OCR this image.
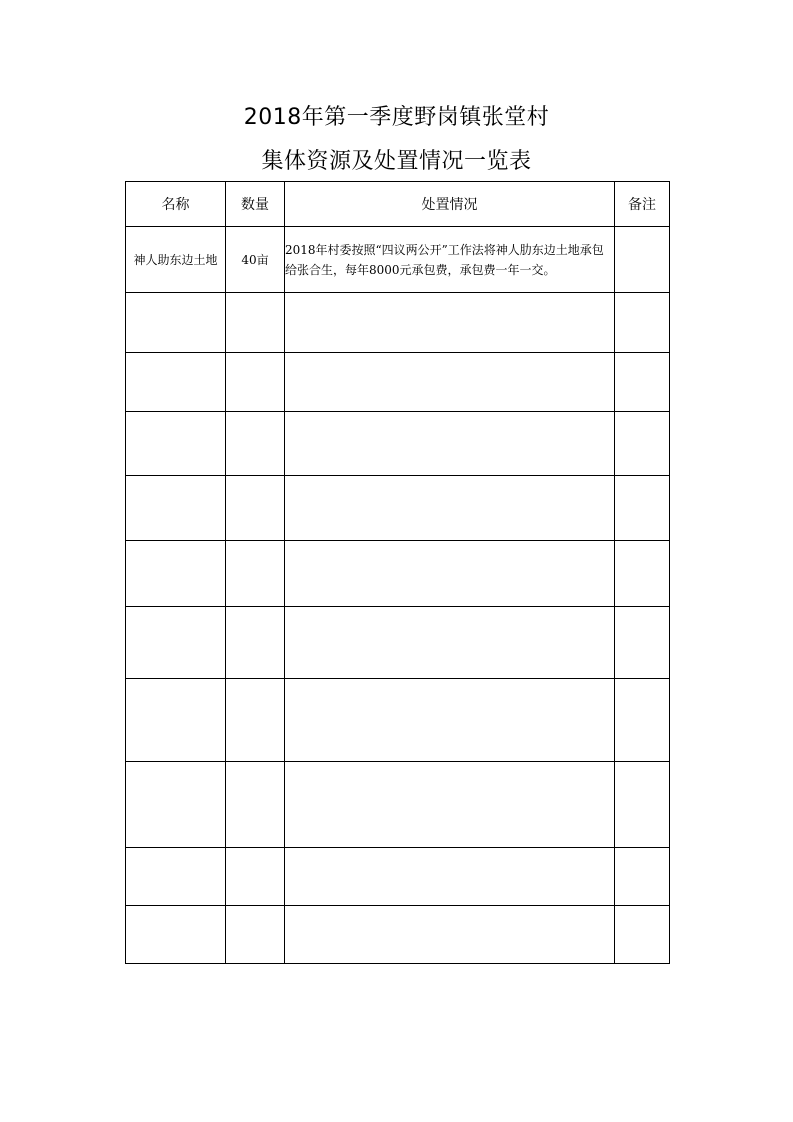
2018年第一季度野岗镇张堂村
集体资源及处置情况一览表
名称	数量	处置情况	备注
神人助东边土地	40亩	2018年村委按照“四议两公开”工作法将神人肋东边土地承包给张合生，每年8000元承包费，承包费一年一交。	
